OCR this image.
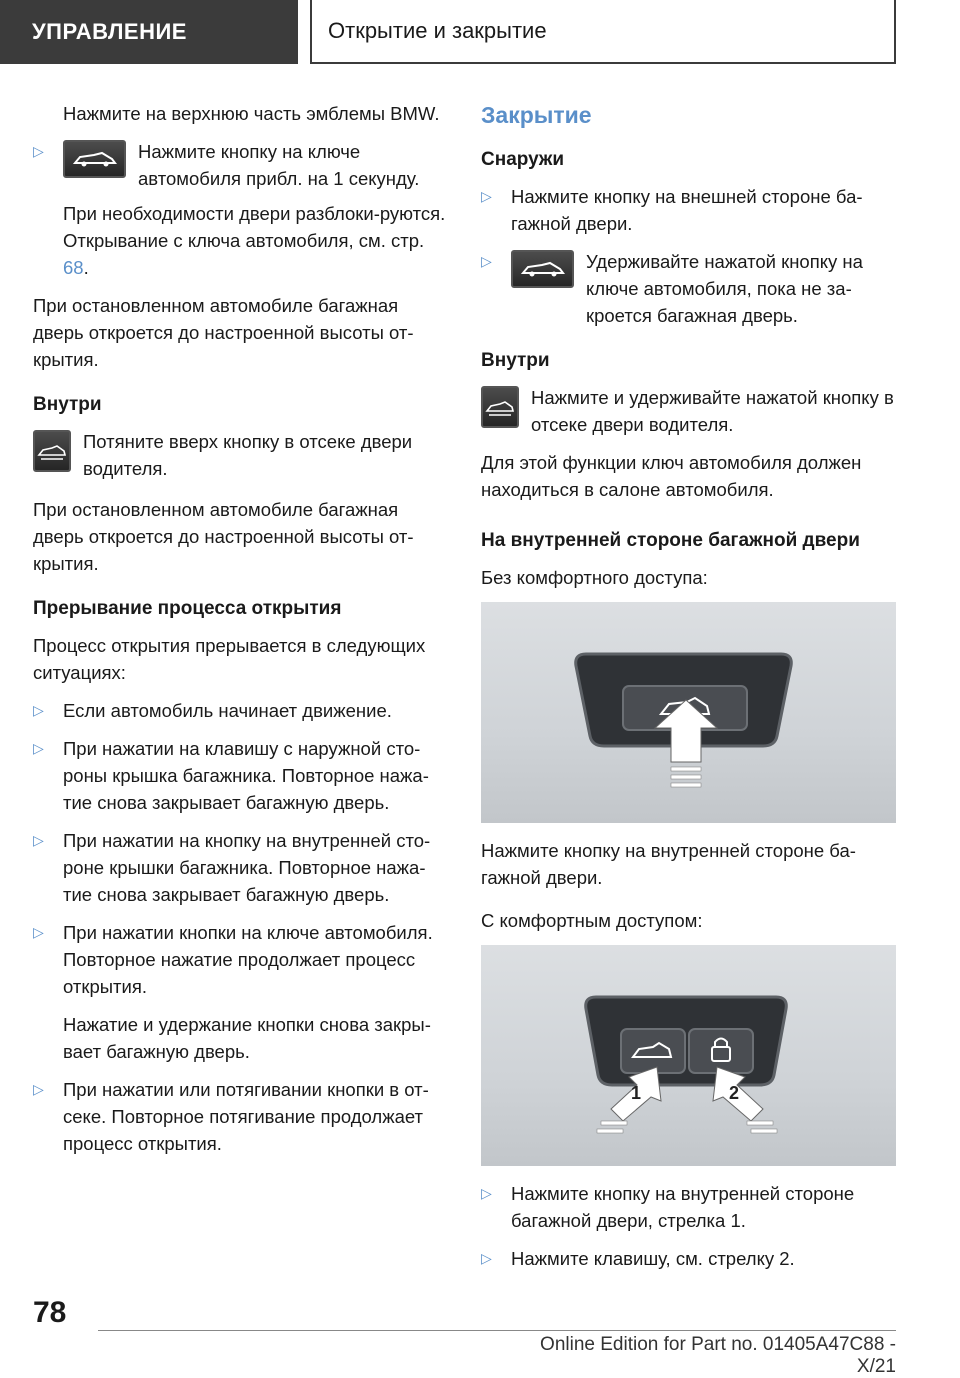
УПРАВЛЕНИЕ	Открытие и закрытие

Нажмите на верхнюю часть эмблемы BMW.

▷	Нажмите кнопку на ключе автомобиля прибл. на 1 секунду.

При необходимости двери разблоки-руются. Открывание с ключа автомобиля, см. стр. 68.

При остановленном автомобиле багажная дверь откроется до настроенной высоты от-крытия.

Внутри

Потяните вверх кнопку в отсеке двери водителя.

При остановленном автомобиле багажная дверь откроется до настроенной высоты от-крытия.

Прерывание процесса открытия

Процесс открытия прерывается в следующих ситуациях:

▷ Если автомобиль начинает движение.
▷ При нажатии на клавишу с наружной сто-роны крышка багажника. Повторное нажа-тие снова закрывает багажную дверь.
▷ При нажатии на кнопку на внутренней сто-роне крышки багажника. Повторное нажа-тие снова закрывает багажную дверь.
▷ При нажатии кнопки на ключе автомобиля. Повторное нажатие продолжает процесс открытия.

Нажатие и удержание кнопки снова закры-вает багажную дверь.

▷ При нажатии или потягивании кнопки в от-секе. Повторное потягивание продолжает процесс открытия.

Закрытие

Снаружи

▷ Нажмите кнопку на внешней стороне ба-гажной двери.
▷	Удерживайте нажатой кнопку на ключе автомобиля, пока не за-кроется багажная дверь.

Внутри

Нажмите и удерживайте нажатой кнопку в отсеке двери водителя.

Для этой функции ключ автомобиля должен находиться в салоне автомобиля.

На внутренней стороне багажной двери

Без комфортного доступа:

Нажмите кнопку на внутренней стороне ба-гажной двери.

С комфортным доступом:

1	2
▷ Нажмите кнопку на внутренней стороне багажной двери, стрелка 1.
▷ Нажмите клавишу, см. стрелку 2.
78
Online Edition for Part no. 01405A47C88 - X/21
